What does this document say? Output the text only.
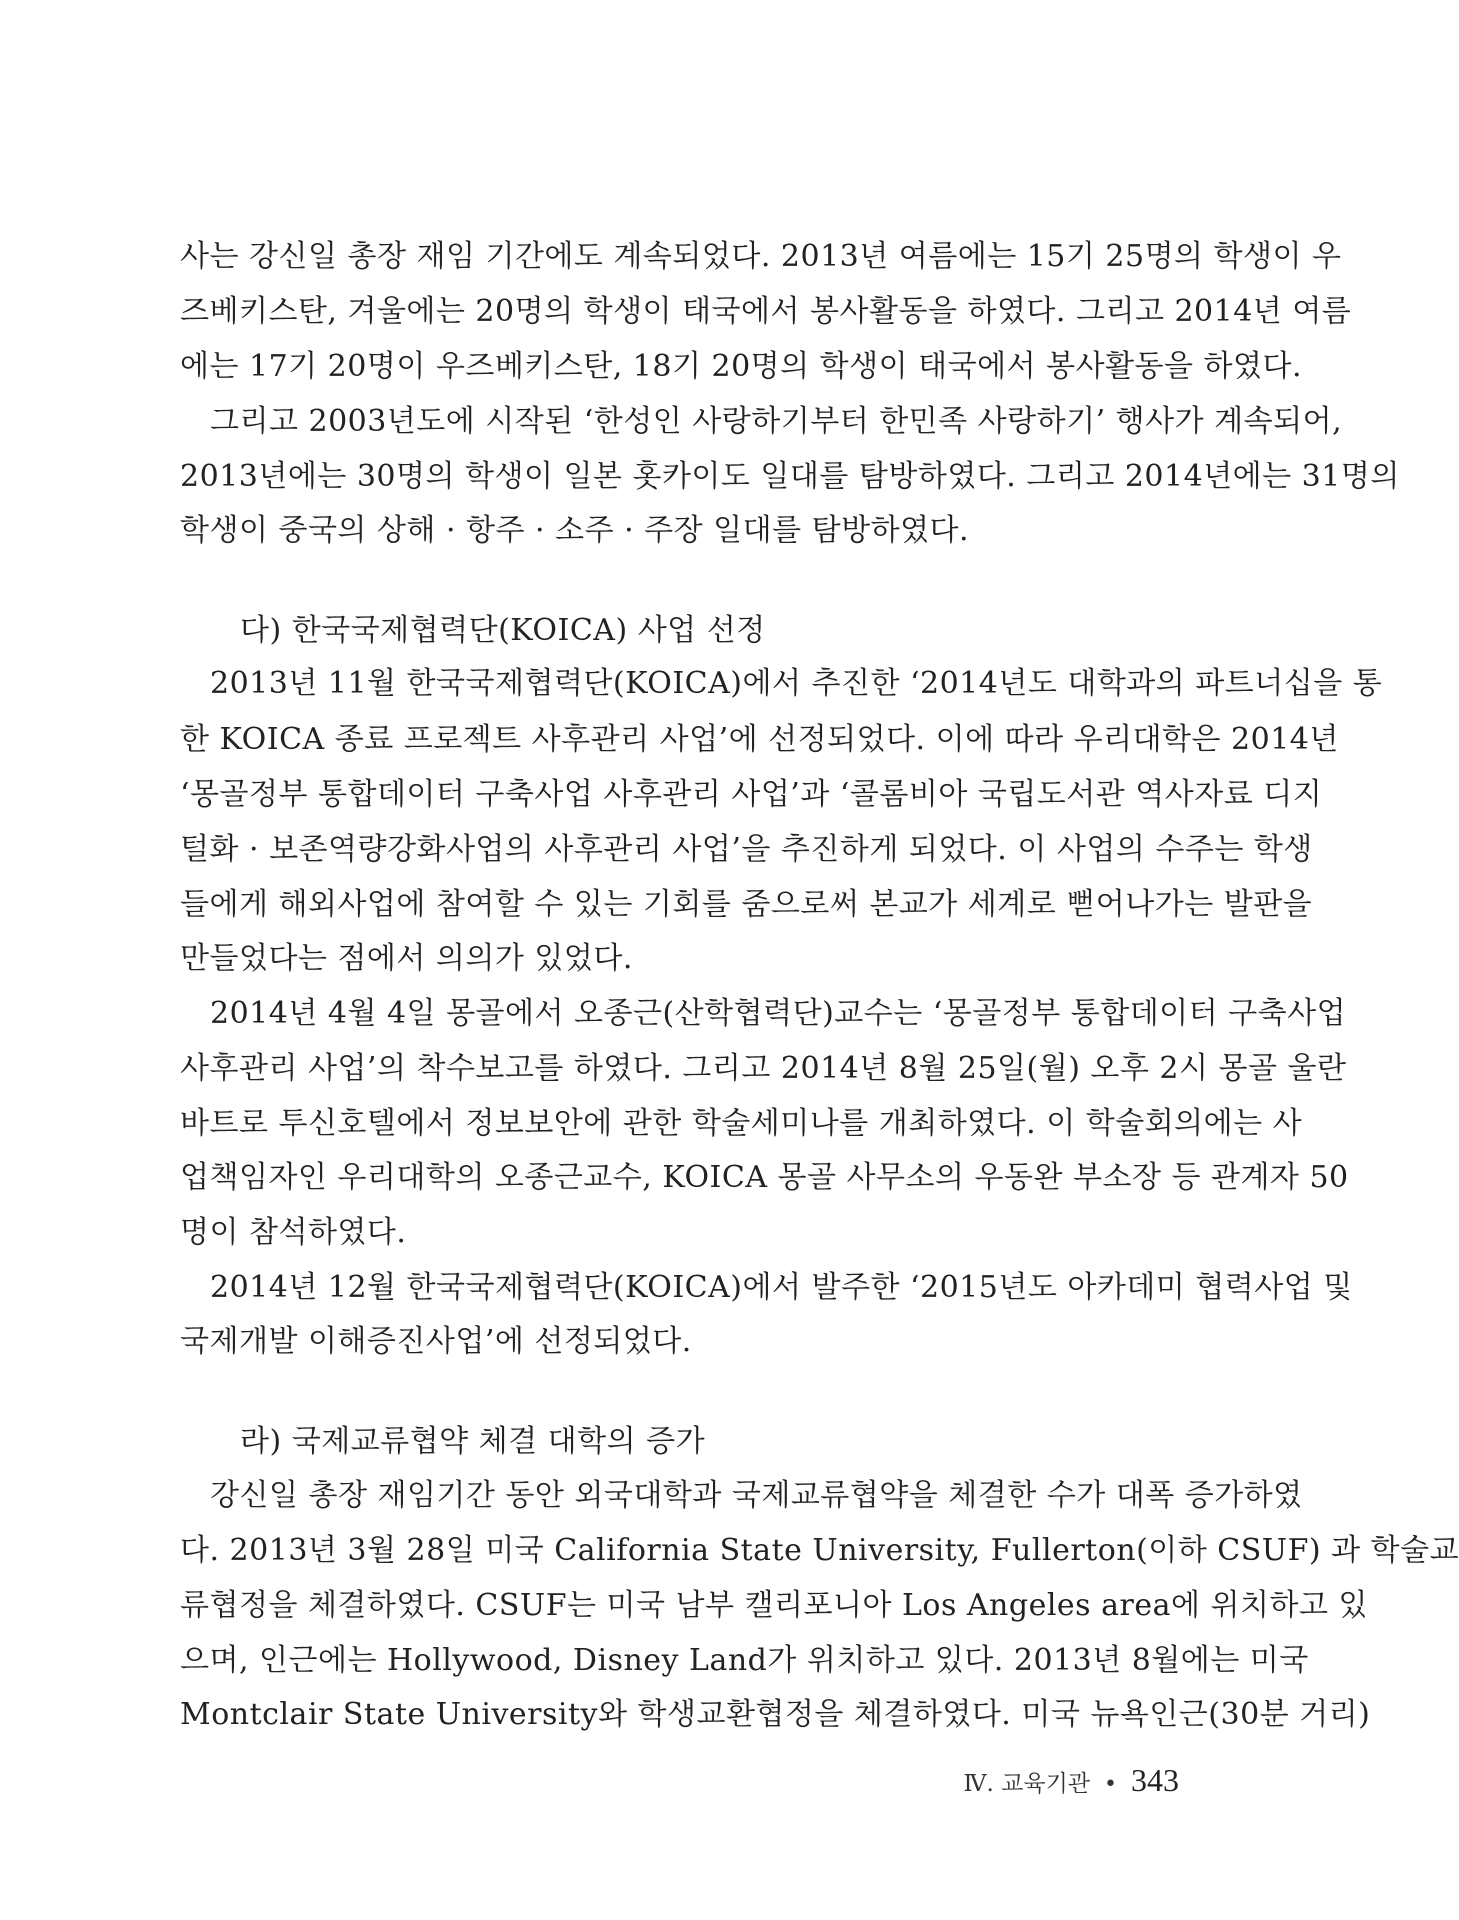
사는 강신일 총장 재임 기간에도 계속되었다. 2013년 여름에는 15기 25명의 학생이 우
즈베키스탄, 겨울에는 20명의 학생이 태국에서 봉사활동을 하였다. 그리고 2014년 여름
에는 17기 20명이 우즈베키스탄, 18기 20명의 학생이 태국에서 봉사활동을 하였다.
그리고 2003년도에 시작된 ‘한성인 사랑하기부터 한민족 사랑하기’ 행사가 계속되어,
2013년에는 30명의 학생이 일본 홋카이도 일대를 탐방하였다. 그리고 2014년에는 31명의
학생이 중국의 상해 · 항주 · 소주 · 주장 일대를 탐방하였다.
다) 한국국제협력단(KOICA) 사업 선정
2013년 11월 한국국제협력단(KOICA)에서 추진한 ‘2014년도 대학과의 파트너십을 통
한 KOICA 종료 프로젝트 사후관리 사업’에 선정되었다. 이에 따라 우리대학은 2014년
‘몽골정부 통합데이터 구축사업 사후관리 사업’과 ‘콜롬비아 국립도서관 역사자료 디지
털화 · 보존역량강화사업의 사후관리 사업’을 추진하게 되었다. 이 사업의 수주는 학생
들에게 해외사업에 참여할 수 있는 기회를 줌으로써 본교가 세계로 뻗어나가는 발판을
만들었다는 점에서 의의가 있었다.
2014년 4월 4일 몽골에서 오종근(산학협력단)교수는 ‘몽골정부 통합데이터 구축사업
사후관리 사업’의 착수보고를 하였다. 그리고 2014년 8월 25일(월) 오후 2시 몽골 울란
바트로 투신호텔에서 정보보안에 관한 학술세미나를 개최하였다. 이 학술회의에는 사
업책임자인 우리대학의 오종근교수, KOICA 몽골 사무소의 우동완 부소장 등 관계자 50
명이 참석하였다.
2014년 12월 한국국제협력단(KOICA)에서 발주한 ‘2015년도 아카데미 협력사업 및
국제개발 이해증진사업’에 선정되었다.
라) 국제교류협약 체결 대학의 증가
강신일 총장 재임기간 동안 외국대학과 국제교류협약을 체결한 수가 대폭 증가하였
다. 2013년 3월 28일 미국 California State University, Fullerton(이하 CSUF) 과 학술교
류협정을 체결하였다. CSUF는 미국 남부 캘리포니아 Los Angeles area에 위치하고 있
으며, 인근에는 Hollywood, Disney Land가 위치하고 있다. 2013년 8월에는 미국
Montclair State University와 학생교환협정을 체결하였다. 미국 뉴욕인근(30분 거리)
Ⅳ. 교육기관 • 343
